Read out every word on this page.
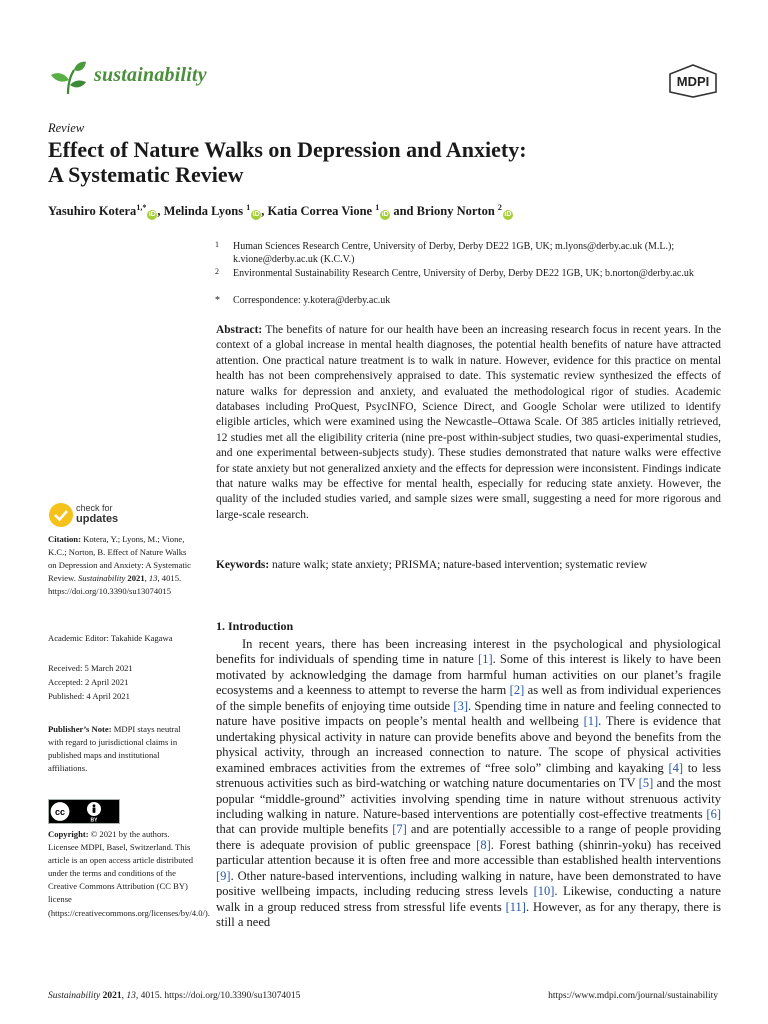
sustainability	MDPI
Review
Effect of Nature Walks on Depression and Anxiety:
A Systematic Review
Yasuhiro Kotera$^{1,*}$iD , Melinda Lyons $^1$iD , Katia Correa Vione $^1$iD and Briony Norton $^2$iD
1	Human Sciences Research Centre, University of Derby, Derby DE22 1GB, UK; m.lyons@derby.ac.uk (M.L.); k.vione@derby.ac.uk (K.C.V.)
2	Environmental Sustainability Research Centre, University of Derby, Derby DE22 1GB, UK; b.norton@derby.ac.uk
*	Correspondence: y.kotera@derby.ac.uk
Abstract: The benefits of nature for our health have been an increasing research focus in recent years. In the context of a global increase in mental health diagnoses, the potential health benefits of nature have attracted attention. One practical nature treatment is to walk in nature. However, evidence for this practice on mental health has not been comprehensively appraised to date. This systematic review synthesized the effects of nature walks for depression and anxiety, and evaluated the methodological rigor of studies. Academic databases including ProQuest, PsycINFO, Science Direct, and Google Scholar were utilized to identify eligible articles, which were examined using the Newcastle–Ottawa Scale. Of 385 articles initially retrieved, 12 studies met all the eligibility criteria (nine pre-post within-subject studies, two quasi-experimental studies, and one experimental between-subjects study). These studies demonstrated that nature walks were effective for state anxiety but not generalized anxiety and the effects for depression were inconsistent. Findings indicate that nature walks may be effective for mental health, especially for reducing state anxiety. However, the quality of the included studies varied, and sample sizes were small, suggesting a need for more rigorous and large-scale research.
Keywords: nature walk; state anxiety; PRISMA; nature-based intervention; systematic review
1. Introduction
In recent years, there has been increasing interest in the psychological and physiological benefits for individuals of spending time in nature [1]. Some of this interest is likely to have been motivated by acknowledging the damage from harmful human activities on our planet’s fragile ecosystems and a keenness to attempt to reverse the harm [2] as well as from individual experiences of the simple benefits of enjoying time outside [3]. Spending time in nature and feeling connected to nature have positive impacts on people’s mental health and wellbeing [1]. There is evidence that undertaking physical activity in nature can provide benefits above and beyond the benefits from the physical activity, through an increased connection to nature. The scope of physical activities examined embraces activities from the extremes of “free solo” climbing and kayaking [4] to less strenuous activities such as bird-watching or watching nature documentaries on TV [5] and the most popular “middle-ground” activities involving spending time in nature without strenuous activity including walking in nature. Nature-based interventions are potentially cost-effective treatments [6] that can provide multiple benefits [7] and are potentially accessible to a range of people providing there is adequate provision of public greenspace [8]. Forest bathing (shinrin-yoku) has received particular attention because it is often free and more accessible than established health interventions [9]. Other nature-based interventions, including walking in nature, have been demonstrated to have positive wellbeing impacts, including reducing stress levels [10]. Likewise, conducting a nature walk in a group reduced stress from stressful life events [11]. However, as for any therapy, there is still a need
check for
updates
Citation: Kotera, Y.; Lyons, M.; Vione, K.C.; Norton, B. Effect of Nature Walks on Depression and Anxiety: A Systematic Review. Sustainability 2021, 13, 4015. https://doi.org/10.3390/su13074015
Academic Editor: Takahide Kagawa
Received: 5 March 2021
Accepted: 2 April 2021
Published: 4 April 2021
Publisher’s Note: MDPI stays neutral with regard to jurisdictional claims in published maps and institutional affiliations.
cc
BY
Copyright: © 2021 by the authors. Licensee MDPI, Basel, Switzerland. This article is an open access article distributed under the terms and conditions of the Creative Commons Attribution (CC BY) license (https://creativecommons.org/licenses/by/4.0/).
Sustainability 2021, 13, 4015. https://doi.org/10.3390/su13074015	https://www.mdpi.com/journal/sustainability
